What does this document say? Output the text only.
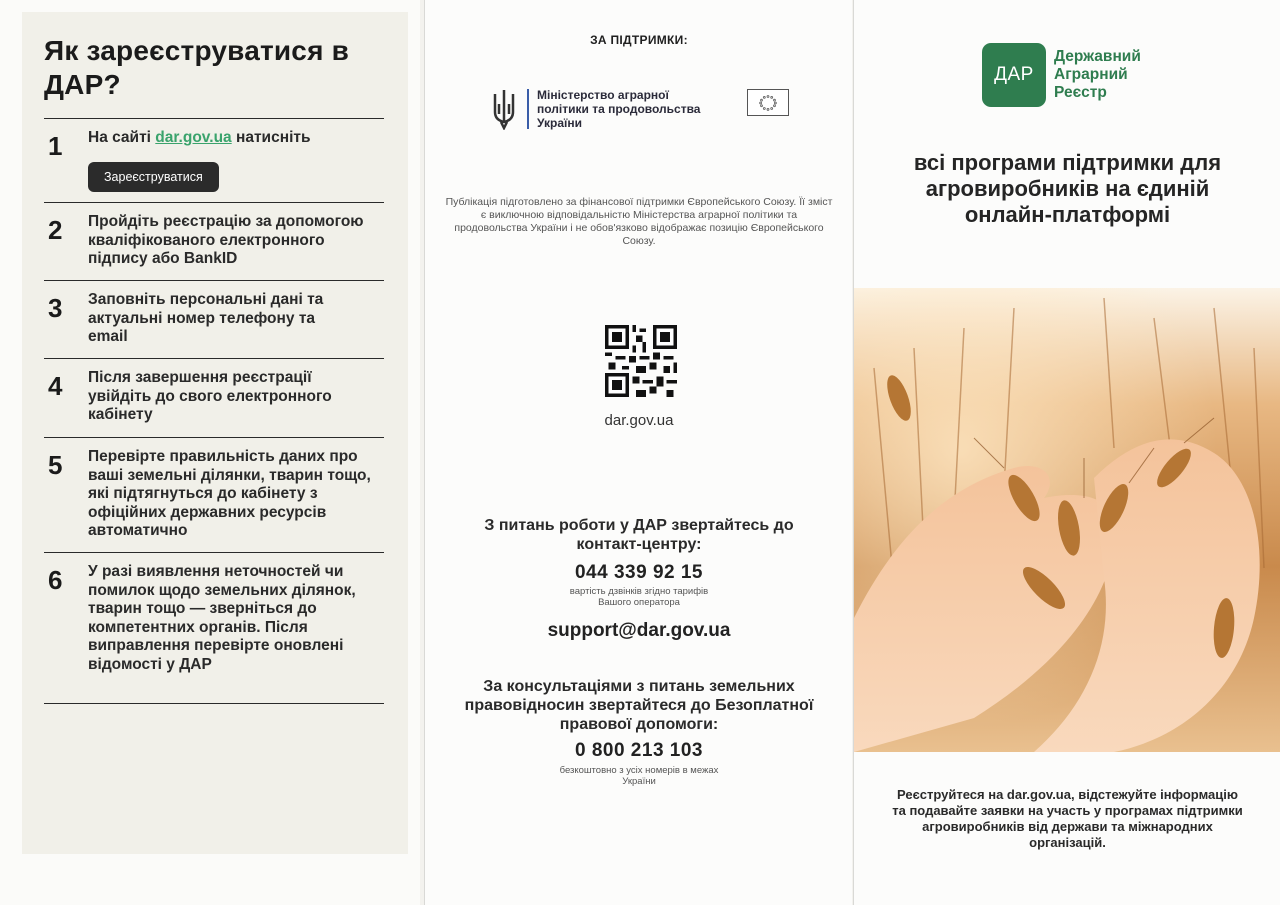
Як зареєструватися в ДАР?
1 На сайті dar.gov.ua натисніть
Зареєструватися
2 Пройдіть реєстрацію за допомогою кваліфікованого електронного підпису або BankID
3 Заповніть персональні дані та актуальні номер телефону та email
4 Після завершення реєстрації увійдіть до свого електронного кабінету
5 Перевірте правильність даних про ваші земельні ділянки, тварин тощо, які підтягнуться до кабінету з офіційних державних ресурсів автоматично
6 У разі виявлення неточностей чи помилок щодо земельних ділянок, тварин тощо — зверніться до компетентних органів. Після виправлення перевірте оновлені відомості у ДАР
ЗА ПІДТРИМКИ:
Міністерство аграрної політики та продовольства України
Публікація підготовлено за фінансової підтримки Європейського Союзу. Її зміст є виключною відповідальністю Міністерства аграрної політики та продовольства України і не обов'язково відображає позицію Європейського Союзу.
dar.gov.ua
З питань роботи у ДАР звертайтесь до контакт-центру:
044 339 92 15
вартість дзвінків згідно тарифів Вашого оператора
support@dar.gov.ua
За консультаціями з питань земельних правовідносин звертайтеся до Безоплатної правової допомоги:
0 800 213 103
безкоштовно з усіх номерів в межах України
ДАР
Державний
Аграрний
Реєстр
всі програми підтримки для агровиробників на єдиній онлайн-платформі
Реєструйтеся на dar.gov.ua, відстежуйте інформацію та подавайте заявки на участь у програмах підтримки агровиробників від держави та міжнародних організацій.
